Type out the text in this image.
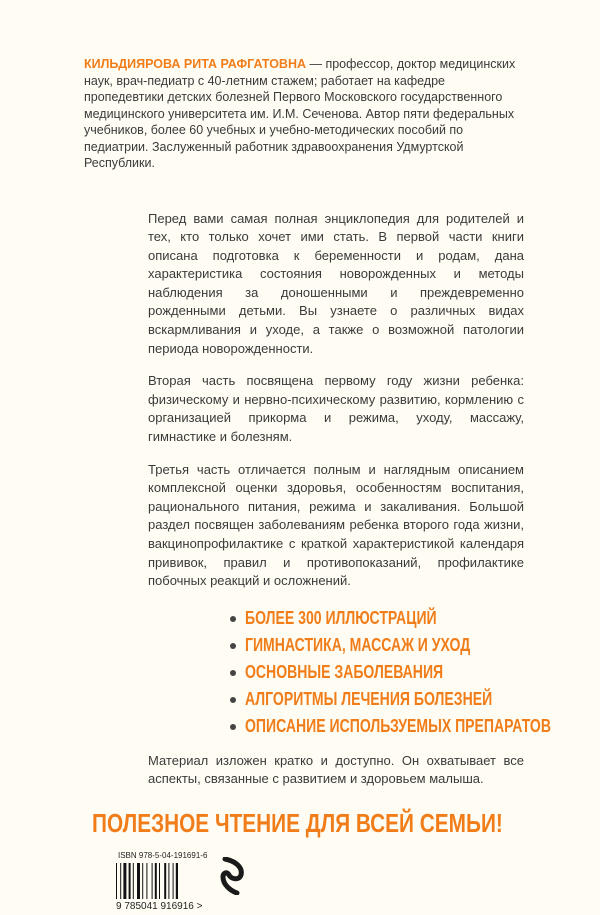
КИЛЬДИЯРОВА РИТА РАФГАТОВНА — профессор, доктор медицинских наук, врач-педиатр с 40-летним стажем; работает на кафедре пропедевтики детских болезней Первого Московского государственного медицинского университета им. И.М. Сеченова. Автор пяти федеральных учебников, более 60 учебных и учебно-методических пособий по педиатрии. Заслуженный работник здравоохранения Удмуртской Республики.
Перед вами самая полная энциклопедия для родителей и тех, кто только хочет ими стать. В первой части книги описана подготовка к беременности и родам, дана характеристика состояния новорожденных и методы наблюдения за доношенными и преждевременно рожденными детьми. Вы узнаете о различных видах вскармливания и уходе, а также о возможной патологии периода новорожденности.
Вторая часть посвящена первому году жизни ребенка: физическому и нервно-психическому развитию, кормлению с организацией прикорма и режима, уходу, массажу, гимнастике и болезням.
Третья часть отличается полным и наглядным описанием комплексной оценки здоровья, особенностям воспитания, рационального питания, режима и закаливания. Большой раздел посвящен заболеваниям ребенка второго года жизни, вакцинопрофилактике с краткой характеристикой календаря прививок, правил и противопоказаний, профилактике побочных реакций и осложнений.
БОЛЕЕ 300 ИЛЛЮСТРАЦИЙ
ГИМНАСТИКА, МАССАЖ И УХОД
ОСНОВНЫЕ ЗАБОЛЕВАНИЯ
АЛГОРИТМЫ ЛЕЧЕНИЯ БОЛЕЗНЕЙ
ОПИСАНИЕ ИСПОЛЬЗУЕМЫХ ПРЕПАРАТОВ
Материал изложен кратко и доступно. Он охватывает все аспекты, связанные с развитием и здоровьем малыша.
ПОЛЕЗНОЕ ЧТЕНИЕ ДЛЯ ВСЕЙ СЕМЬИ!
ISBN 978-5-04-191691-6
9 785041 916916 >
